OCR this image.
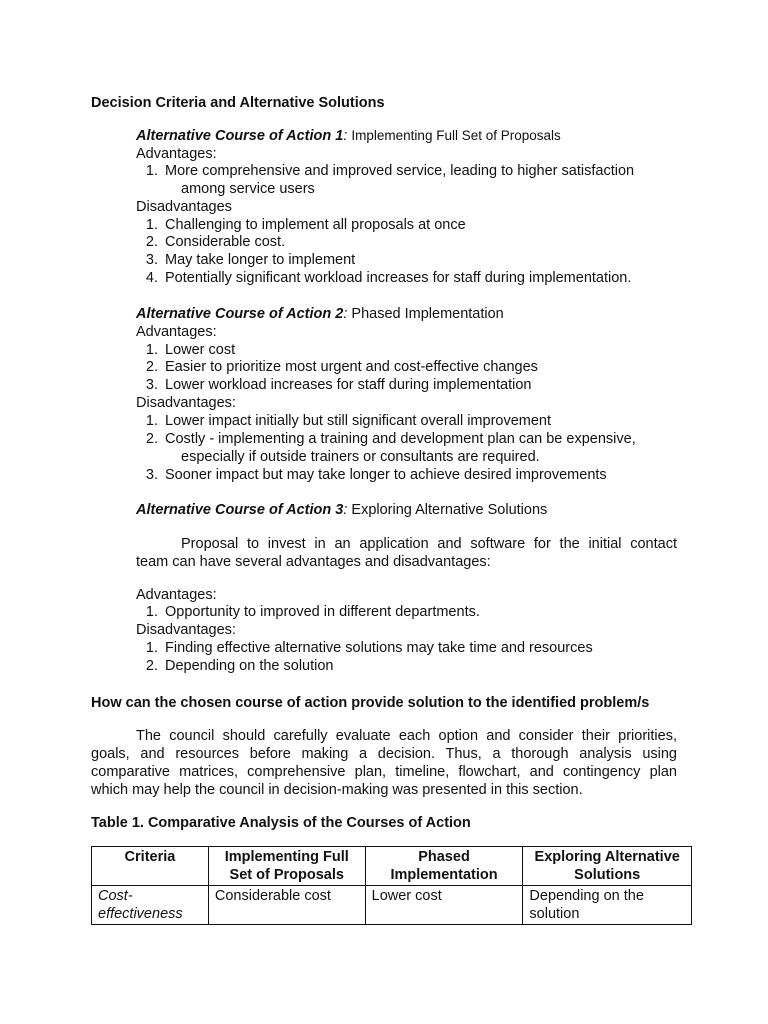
Decision Criteria and Alternative Solutions
Alternative Course of Action 1: Implementing Full Set of Proposals
Advantages:
1. More comprehensive and improved service, leading to higher satisfaction
among service users
Disadvantages
1. Challenging to implement all proposals at once
2. Considerable cost.
3. May take longer to implement
4. Potentially significant workload increases for staff during implementation.
Alternative Course of Action 2: Phased Implementation
Advantages:
1. Lower cost
2. Easier to prioritize most urgent and cost-effective changes
3. Lower workload increases for staff during implementation
Disadvantages:
1. Lower impact initially but still significant overall improvement
2. Costly - implementing a training and development plan can be expensive,
especially if outside trainers or consultants are required.
3. Sooner impact but may take longer to achieve desired improvements
Alternative Course of Action 3: Exploring Alternative Solutions
Proposal to invest in an application and software for the initial contact
team can have several advantages and disadvantages:
Advantages:
1. Opportunity to improved in different departments.
Disadvantages:
1. Finding effective alternative solutions may take time and resources
2. Depending on the solution
How can the chosen course of action provide solution to the identified problem/s
The council should carefully evaluate each option and consider their priorities,
goals, and resources before making a decision. Thus, a thorough analysis using
comparative matrices, comprehensive plan, timeline, flowchart, and contingency plan
which may help the council in decision-making was presented in this section.
Table 1. Comparative Analysis of the Courses of Action
Criteria	Implementing Full Set of Proposals	Phased Implementation	Exploring Alternative Solutions
Cost-effectiveness	Considerable cost	Lower cost	Depending on the solution
